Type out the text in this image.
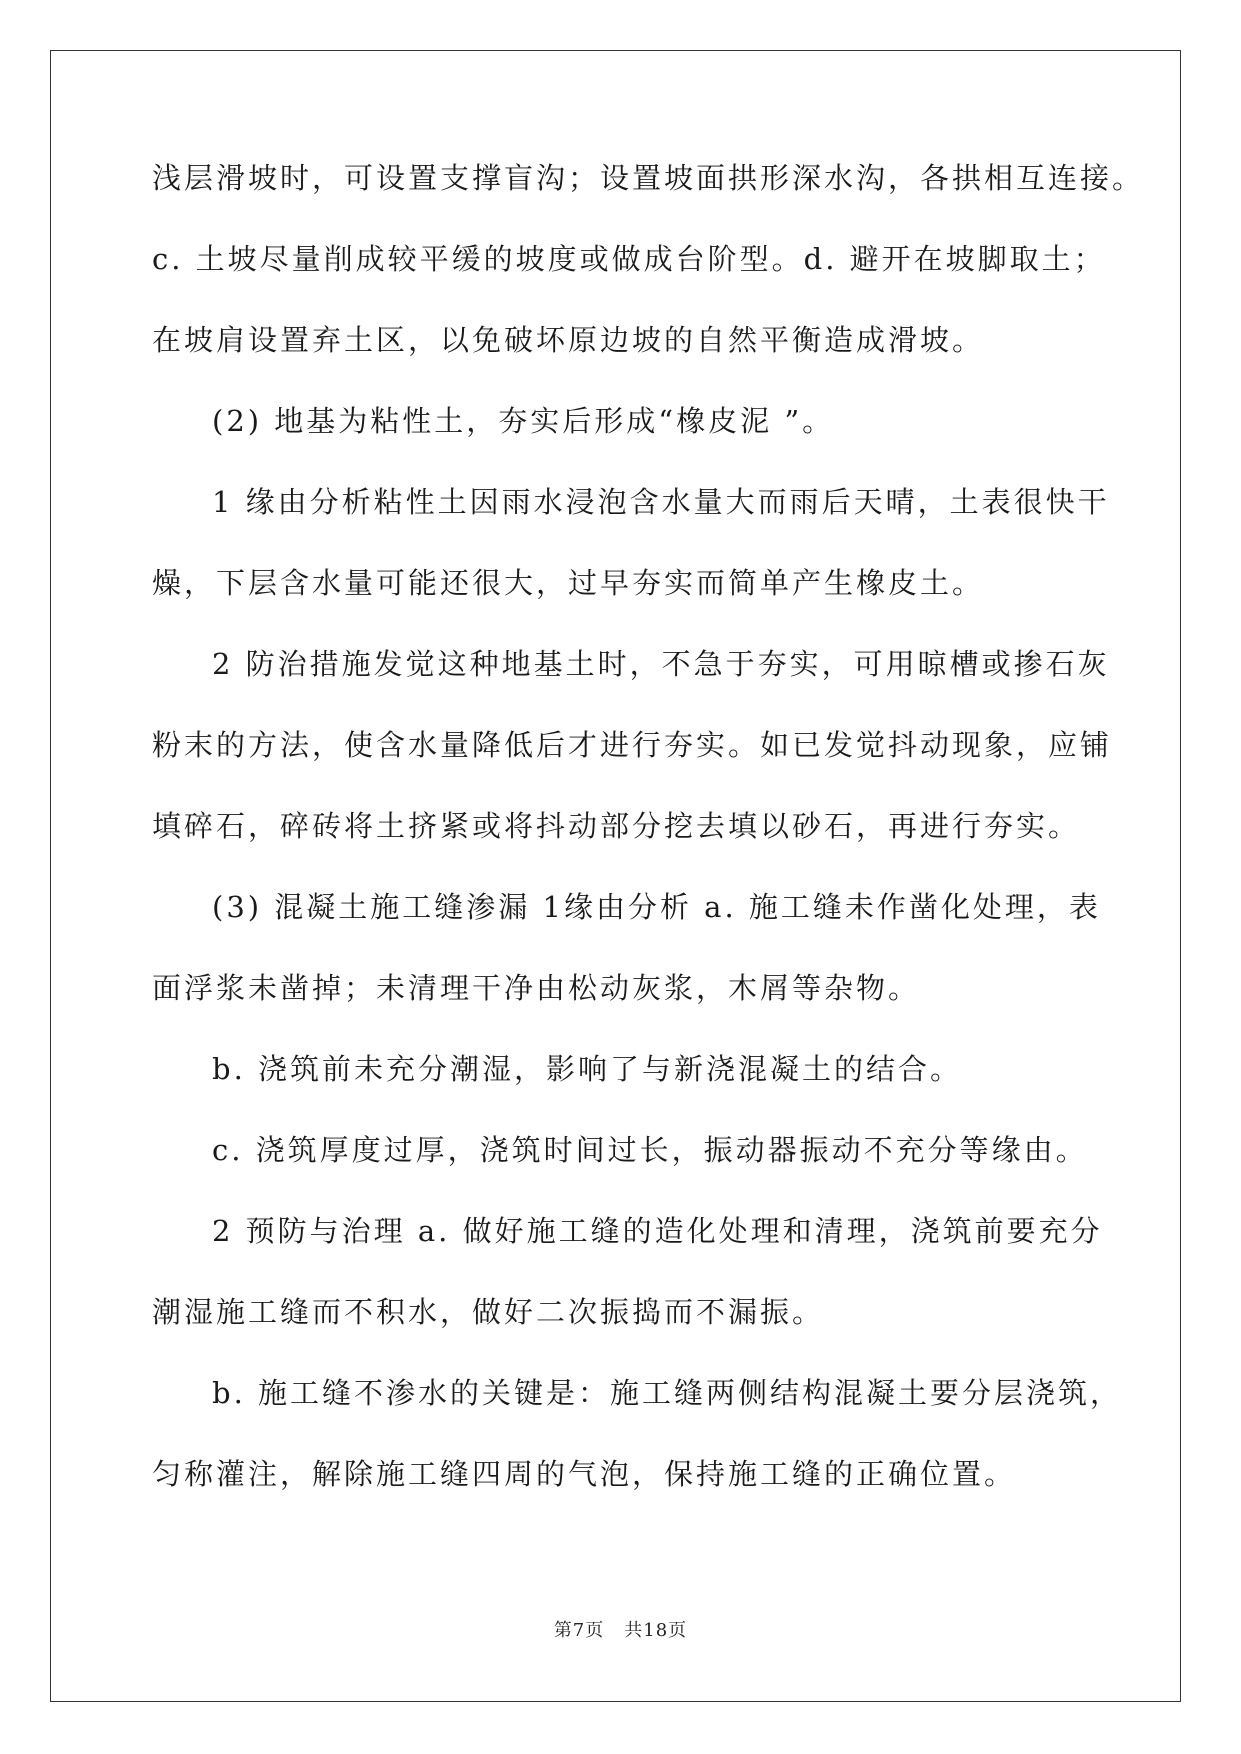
浅层滑坡时，可设置支撑盲沟；设置坡面拱形深水沟，各拱相互连接。
c. 土坡尽量削成较平缓的坡度或做成台阶型。d. 避开在坡脚取土；
在坡肩设置弃土区，以免破坏原边坡的自然平衡造成滑坡。
(2) 地基为粘性土，夯实后形成“橡皮泥 ”。
1 缘由分析粘性土因雨水浸泡含水量大而雨后天晴，土表很快干
燥，下层含水量可能还很大，过早夯实而简单产生橡皮土。
2 防治措施发觉这种地基土时，不急于夯实，可用晾槽或掺石灰
粉末的方法，使含水量降低后才进行夯实。如已发觉抖动现象，应铺
填碎石，碎砖将土挤紧或将抖动部分挖去填以砂石，再进行夯实。
(3) 混凝土施工缝渗漏 1缘由分析 a. 施工缝未作凿化处理，表
面浮浆未凿掉；未清理干净由松动灰浆，木屑等杂物。
b. 浇筑前未充分潮湿，影响了与新浇混凝土的结合。
c. 浇筑厚度过厚，浇筑时间过长，振动器振动不充分等缘由。
2 预防与治理 a. 做好施工缝的造化处理和清理，浇筑前要充分
潮湿施工缝而不积水，做好二次振捣而不漏振。
b. 施工缝不渗水的关键是：施工缝两侧结构混凝土要分层浇筑，
匀称灌注，解除施工缝四周的气泡，保持施工缝的正确位置。
第7页 共18页
